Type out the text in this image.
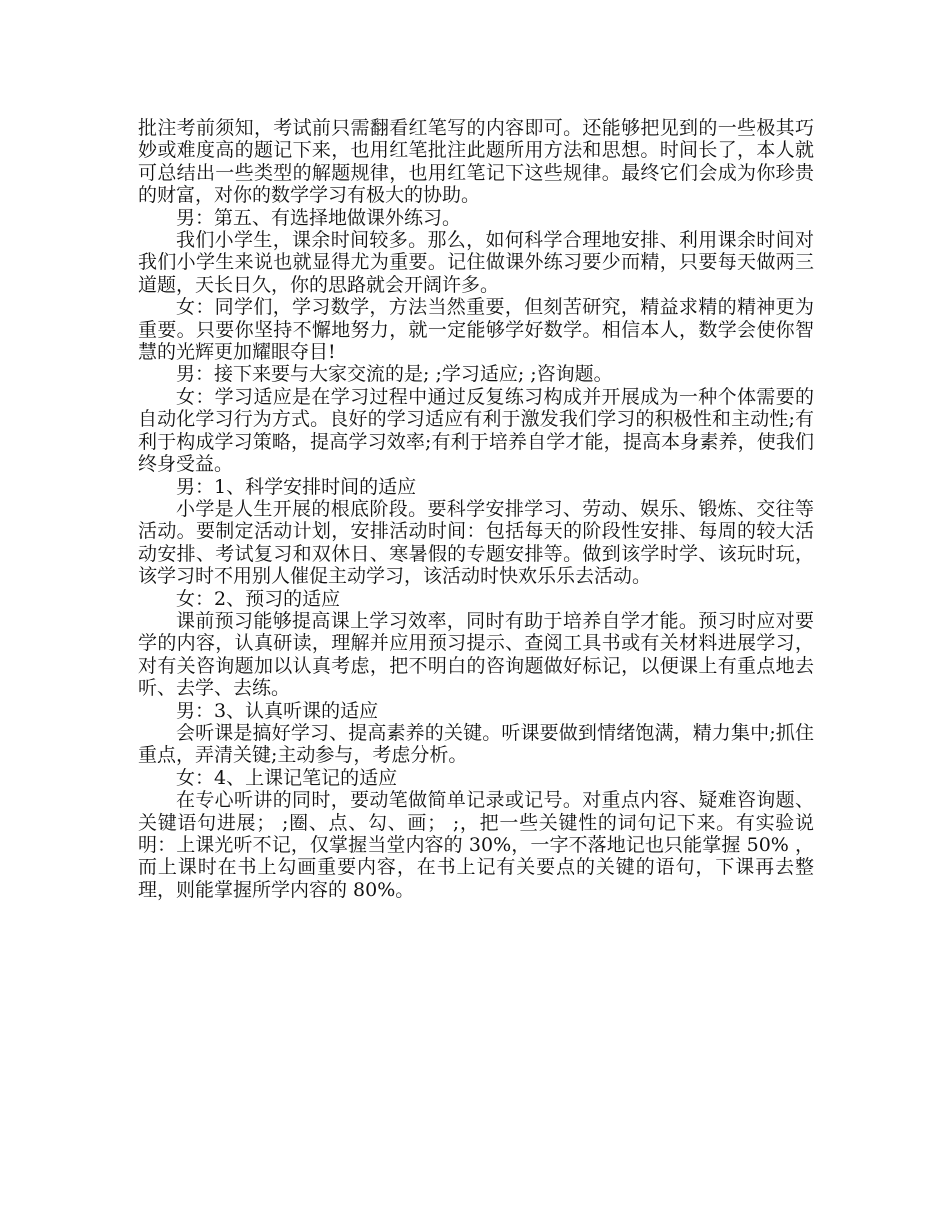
批注考前须知，考试前只需翻看红笔写的内容即可。还能够把见到的一些极其巧妙或难度高的题记下来，也用红笔批注此题所用方法和思想。时间长了，本人就可总结出一些类型的解题规律，也用红笔记下这些规律。最终它们会成为你珍贵的财富，对你的数学学习有极大的协助。

男：第五、有选择地做课外练习。

我们小学生，课余时间较多。那么，如何科学合理地安排、利用课余时间对我们小学生来说也就显得尤为重要。记住做课外练习要少而精，只要每天做两三道题，天长日久，你的思路就会开阔许多。

女：同学们，学习数学，方法当然重要，但刻苦研究，精益求精的精神更为重要。只要你坚持不懈地努力，就一定能够学好数学。相信本人，数学会使你智慧的光辉更加耀眼夺目!

男：接下来要与大家交流的是; ;学习适应; ;咨询题。

女：学习适应是在学习过程中通过反复练习构成并开展成为一种个体需要的自动化学习行为方式。良好的学习适应有利于激发我们学习的积极性和主动性;有利于构成学习策略，提高学习效率;有利于培养自学才能，提高本身素养，使我们终身受益。

男：1、科学安排时间的适应

小学是人生开展的根底阶段。要科学安排学习、劳动、娱乐、锻炼、交往等活动。要制定活动计划，安排活动时间：包括每天的阶段性安排、每周的较大活动安排、考试复习和双休日、寒暑假的专题安排等。做到该学时学、该玩时玩，该学习时不用别人催促主动学习，该活动时快欢乐乐去活动。

女：2、预习的适应

课前预习能够提高课上学习效率，同时有助于培养自学才能。预习时应对要学的内容，认真研读，理解并应用预习提示、查阅工具书或有关材料进展学习，对有关咨询题加以认真考虑，把不明白的咨询题做好标记，以便课上有重点地去听、去学、去练。

男：3、认真听课的适应

会听课是搞好学习、提高素养的关键。听课要做到情绪饱满，精力集中;抓住重点，弄清关键;主动参与，考虑分析。

女：4、上课记笔记的适应

在专心听讲的同时，要动笔做简单记录或记号。对重点内容、疑难咨询题、关键语句进展； ;圈、点、勾、画； ;，把一些关键性的词句记下来。有实验说明：上课光听不记，仅掌握当堂内容的 30%，一字不落地记也只能掌握 50% ，而上课时在书上勾画重要内容，在书上记有关要点的关键的语句，下课再去整理，则能掌握所学内容的 80%。
